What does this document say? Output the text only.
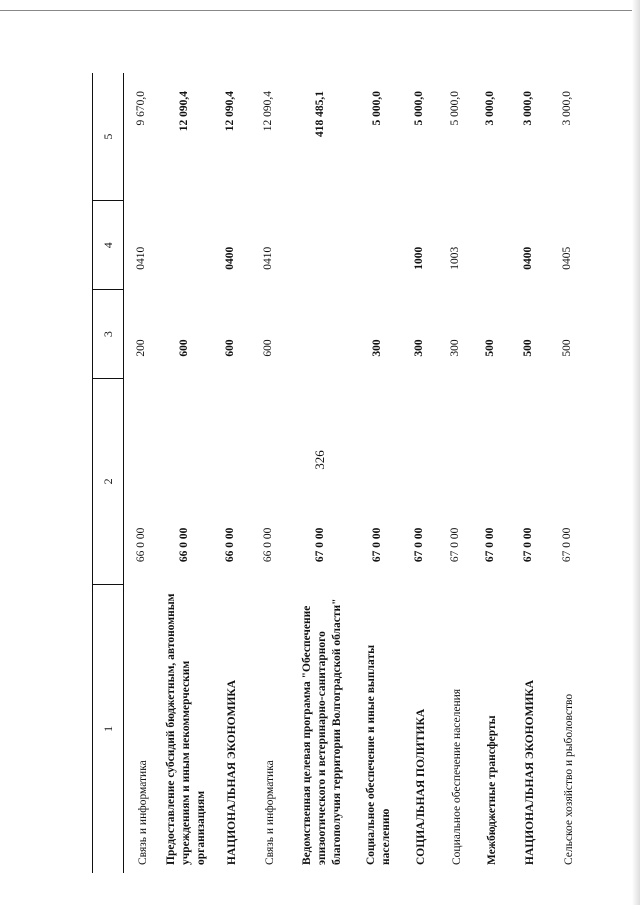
326
1	2	3	4	5
Связь и информатика	66 0 00	200	0410	9 670,0
Предоставление субсидий бюджетным, автономным учреждениям и иным некоммерческим организациям	66 0 00	600		12 090,4
НАЦИОНАЛЬНАЯ ЭКОНОМИКА	66 0 00	600	0400	12 090,4
Связь и информатика	66 0 00	600	0410	12 090,4
Ведомственная целевая программа "Обеспечение эпизоотического и ветеринарно-санитарного благополучия территории Волгоградской области"	67 0 00			418 485,1
Социальное обеспечение и иные выплаты населению	67 0 00	300		5 000,0
СОЦИАЛЬНАЯ ПОЛИТИКА	67 0 00	300	1000	5 000,0
Социальное обеспечение населения	67 0 00	300	1003	5 000,0
Межбюджетные трансферты	67 0 00	500		3 000,0
НАЦИОНАЛЬНАЯ ЭКОНОМИКА	67 0 00	500	0400	3 000,0
Сельское хозяйство и рыболовство	67 0 00	500	0405	3 000,0
